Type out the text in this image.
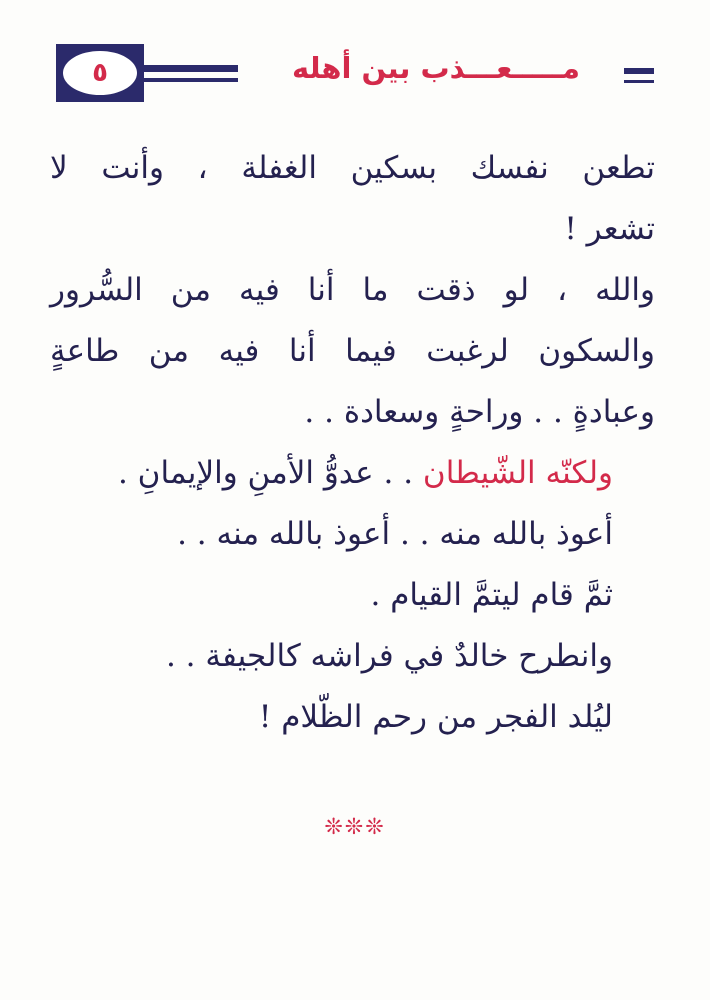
٥	مـــــعـــذب بين أهله
تطعن نفسك بسكين الغفلة ، وأنت لا
تشعر !
والله ، لو ذقت ما أنا فيه من السُّرور
والسكون لرغبت فيما أنا فيه من طاعةٍ
وعبادةٍ . . وراحةٍ وسعادة . .
ولكنّه الشّيطان . . عدوُّ الأمنِ والإيمانِ .
أعوذ بالله منه . . أعوذ بالله منه . .
ثمَّ قام ليتمَّ القيام .
وانطرح خالدٌ في فراشه كالجيفة . .
ليُلد الفجر من رحم الظّلام !
❊❊❊
